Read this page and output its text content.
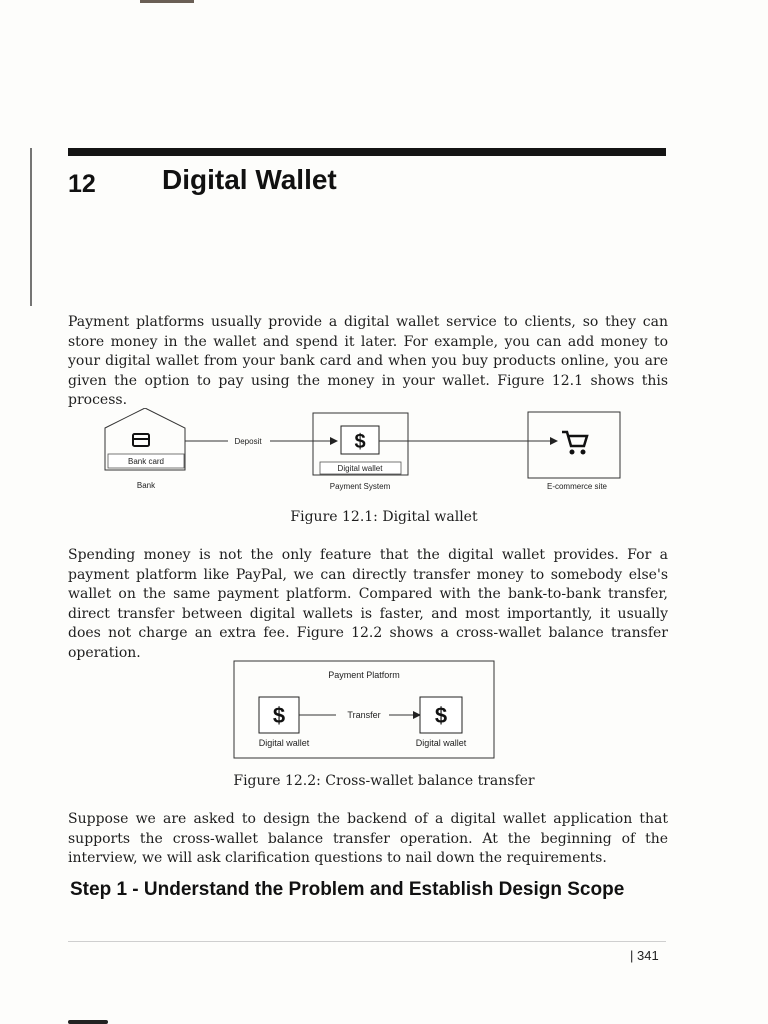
12 Digital Wallet

Payment platforms usually provide a digital wallet service to clients, so they can store money in the wallet and spend it later. For example, you can add money to your digital wallet from your bank card and when you buy products online, you are given the option to pay using the money in your wallet. Figure 12.1 shows this process.

Bank card
Bank
Deposit	$
Digital wallet
Payment System	E-commerce site
Figure 12.1: Digital wallet

Spending money is not the only feature that the digital wallet provides. For a payment platform like PayPal, we can directly transfer money to somebody else's wallet on the same payment platform. Compared with the bank-to-bank transfer, direct transfer between digital wallets is faster, and most importantly, it usually does not charge an extra fee. Figure 12.2 shows a cross-wallet balance transfer operation.

Payment Platform
$
Digital wallet
Transfer $
Digital wallet
Figure 12.2: Cross-wallet balance transfer

Suppose we are asked to design the backend of a digital wallet application that supports the cross-wallet balance transfer operation. At the beginning of the interview, we will ask clarification questions to nail down the requirements.

Step 1 - Understand the Problem and Establish Design Scope
| 341
